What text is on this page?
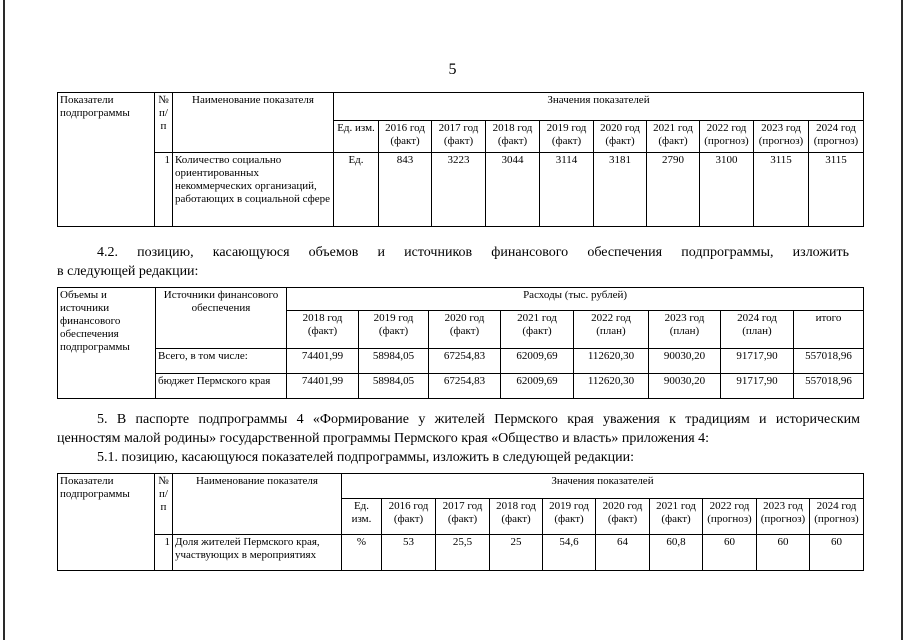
5
Показатели подпрограммы	№ п/п	Наименование показателя	Значения показателей									
			Ед. изм.	2016 год (факт)	2017 год (факт)	2018 год (факт)	2019 год (факт)	2020 год (факт)	2021 год (факт)	2022 год (прогноз)	2023 год (прогноз)	2024 год (прогноз)
	1	Количество социально ориентированных некоммерческих организаций, работающих в социальной сфере	Ед.	843	3223	3044	3114	3181	2790	3100	3115	3115
4.2. позицию, касающуюся объемов и источников финансового обеспечения подпрограммы, изложить
в следующей редакции:
Объемы и источники финансового обеспечения подпрограммы	Источники финансового обеспечения	Расходы (тыс. рублей)							
		2018 год (факт)	2019 год (факт)	2020 год (факт)	2021 год (факт)	2022 год (план)	2023 год (план)	2024 год (план)	итого
	Всего, в том числе:	74401,99	58984,05	67254,83	62009,69	112620,30	90030,20	91717,90	557018,96
	бюджет Пермского края	74401,99	58984,05	67254,83	62009,69	112620,30	90030,20	91717,90	557018,96
5. В паспорте подпрограммы 4 «Формирование у жителей Пермского края уважения к традициям и историческим
ценностям малой родины» государственной программы Пермского края «Общество и власть» приложения 4:
5.1. позицию, касающуюся показателей подпрограммы, изложить в следующей редакции:
Показатели подпрограммы	№ п/п	Наименование показателя	Значения показателей									
			Ед. изм.	2016 год (факт)	2017 год (факт)	2018 год (факт)	2019 год (факт)	2020 год (факт)	2021 год (факт)	2022 год (прогноз)	2023 год (прогноз)	2024 год (прогноз)
	1	Доля жителей Пермского края, участвующих в мероприятиях	%	53	25,5	25	54,6	64	60,8	60	60	60
